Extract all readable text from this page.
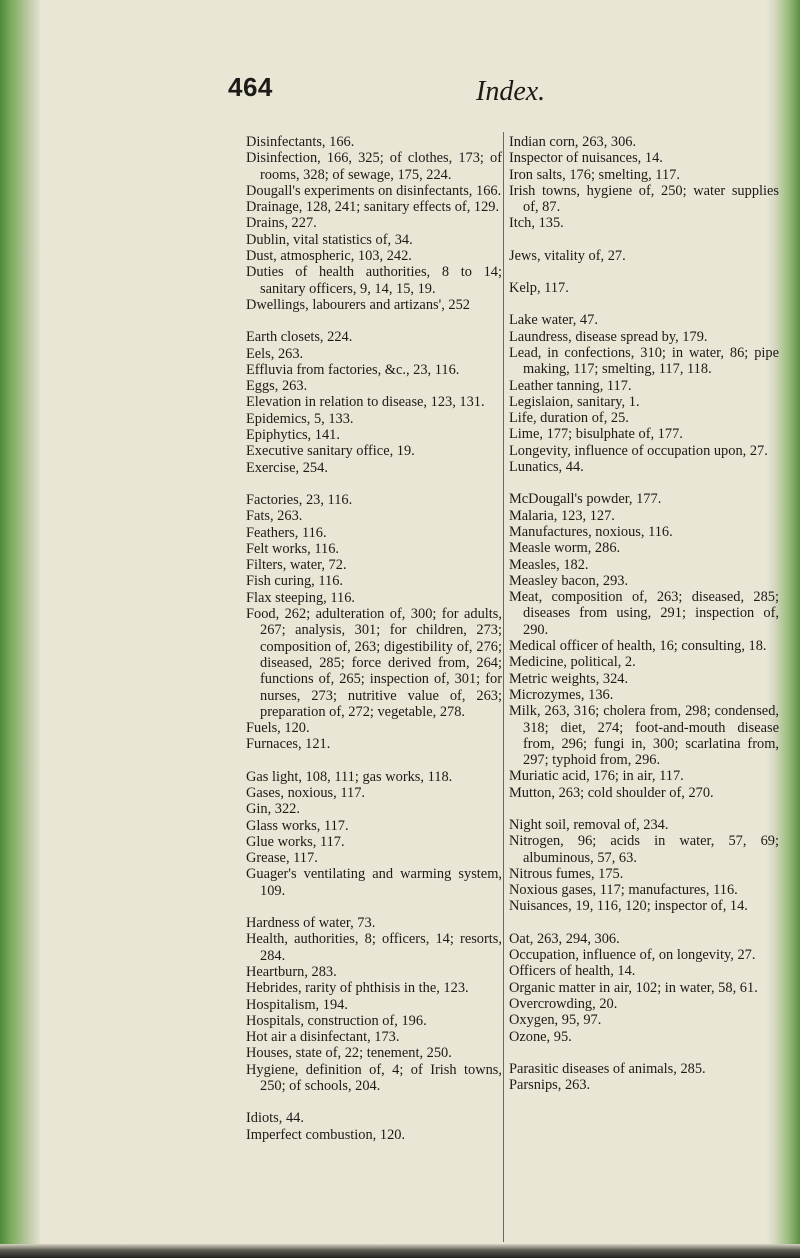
464	Index.

Disinfectants, 166.

Disinfection, 166, 325; of clothes, 173; of rooms, 328; of sewage, 175, 224.

Dougall's experiments on disinfectants, 166.

Drainage, 128, 241; sanitary effects of, 129.

Drains, 227.

Dublin, vital statistics of, 34.

Dust, atmospheric, 103, 242.

Duties of health authorities, 8 to 14; sanitary officers, 9, 14, 15, 19.

Dwellings, labourers and artizans', 252

Earth closets, 224.

Eels, 263.

Effluvia from factories, &c., 23, 116.

Eggs, 263.

Elevation in relation to disease, 123, 131.

Epidemics, 5, 133.

Epiphytics, 141.

Executive sanitary office, 19.

Exercise, 254.

Factories, 23, 116.

Fats, 263.

Feathers, 116.

Felt works, 116.

Filters, water, 72.

Fish curing, 116.

Flax steeping, 116.

Food, 262; adulteration of, 300; for adults, 267; analysis, 301; for children, 273; composition of, 263; digestibility of, 276; diseased, 285; force derived from, 264; functions of, 265; inspection of, 301; for nurses, 273; nutritive value of, 263; preparation of, 272; vegetable, 278.

Fuels, 120.

Furnaces, 121.

Gas light, 108, 111; gas works, 118.

Gases, noxious, 117.

Gin, 322.

Glass works, 117.

Glue works, 117.

Grease, 117.

Guager's ventilating and warming system, 109.

Hardness of water, 73.

Health, authorities, 8; officers, 14; resorts, 284.

Heartburn, 283.

Hebrides, rarity of phthisis in the, 123.

Hospitalism, 194.

Hospitals, construction of, 196.

Hot air a disinfectant, 173.

Houses, state of, 22; tenement, 250.

Hygiene, definition of, 4; of Irish towns, 250; of schools, 204.

Idiots, 44.

Imperfect combustion, 120.

Indian corn, 263, 306.

Inspector of nuisances, 14.

Iron salts, 176; smelting, 117.

Irish towns, hygiene of, 250; water supplies of, 87.

Itch, 135.

Jews, vitality of, 27.

Kelp, 117.

Lake water, 47.

Laundress, disease spread by, 179.

Lead, in confections, 310; in water, 86; pipe making, 117; smelting, 117, 118.

Leather tanning, 117.

Legislaion, sanitary, 1.

Life, duration of, 25.

Lime, 177; bisulphate of, 177.

Longevity, influence of occupation upon, 27.

Lunatics, 44.

McDougall's powder, 177.

Malaria, 123, 127.

Manufactures, noxious, 116.

Measle worm, 286.

Measles, 182.

Measley bacon, 293.

Meat, composition of, 263; diseased, 285; diseases from using, 291; inspection of, 290.

Medical officer of health, 16; consulting, 18.

Medicine, political, 2.

Metric weights, 324.

Microzymes, 136.

Milk, 263, 316; cholera from, 298; condensed, 318; diet, 274; foot-and-mouth disease from, 296; fungi in, 300; scarlatina from, 297; typhoid from, 296.

Muriatic acid, 176; in air, 117.

Mutton, 263; cold shoulder of, 270.

Night soil, removal of, 234.

Nitrogen, 96; acids in water, 57, 69; albuminous, 57, 63.

Nitrous fumes, 175.

Noxious gases, 117; manufactures, 116.

Nuisances, 19, 116, 120; inspector of, 14.

Oat, 263, 294, 306.

Occupation, influence of, on longevity, 27.

Officers of health, 14.

Organic matter in air, 102; in water, 58, 61.

Overcrowding, 20.

Oxygen, 95, 97.

Ozone, 95.

Parasitic diseases of animals, 285.

Parsnips, 263.
